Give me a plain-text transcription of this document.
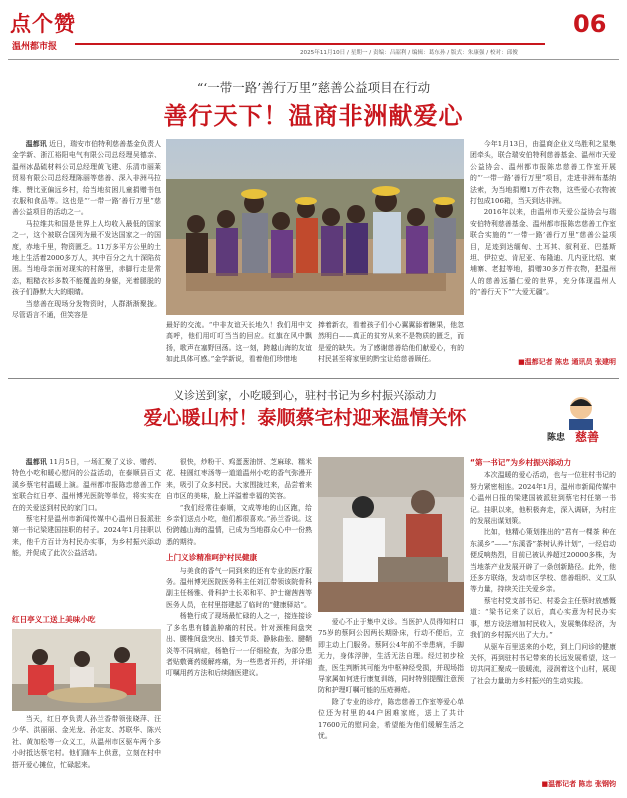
点个赞
温州都市报
2025年11月10日 / 星期一 / 责编：吕韶利 / 编辑：葛东孙 / 版式：朱康强 / 校对：邱俊
06
“‘一带一路’善行万里”慈善公益项目在行动
善行天下！温商非洲献爱心

温都讯 近日，瑞安市伯特利慈善基金负责人金学新、浙江裕阳电气有限公司总经理吴德亲、温州冰晶硫材料公司总经理黄飞建、乐清市丽莱贸易有限公司总经理陈丽等慈善、深入非洲马拉维、赞比亚偏远乡村，给当地贫困儿童捐赠书包衣服和食品等。这也是“‘一带一路’善行万里”慈善公益项目的活动之一。

马拉维共和国是世界上人均收入最低的国家之一，这个被联合国列为最不发达国家之一的国度，赤地千里，物资匮乏。11万多平方公里的土地上生活着2000多万人，其中百分之九十深陷贫困。当地母亲面对现实的村落里，赤脚行走是常态，粗糙衣衫多数不能覆盖的身躯，光着腿脱的孩子们静默大大的眼睛。

当慈善在现场分发物资时，人群渐渐聚拢。尽管语言不通，但笑容是

最好的交流。“中非友谊天长地久！我们用中文高呼，他们用叮叮当当的回应。红旗在风中飘扬，歌声在塞野回荡。这一刻，跨越山海的友谊如此具体可感。”金学新说，看着他们珍惜地
捧着新衣，看着孩子们小心翼翼舔着糖果，他忽然明白——真正的贫穷从来不是物质的匮乏，而是爱的缺失。为了感谢慈善给他们献爱心，有的村民甚至将家里的黔宝让给慈善顾任。

今年1月13日，由温商企业义乌胜利之星集团牵头，联合瑞安伯特利慈善基金、温州市天爱公益协会、温州都市报陈忠慈善工作室开展的“‘一带一路’善行万里”项目，走进非洲布基纳法索，为当地捐赠1万件衣物，这些爱心衣物被打包成106箱，当天到达非洲。

2016年以来，由温州市天爱公益协会与瑞安伯特利慈善基金、温州都市报陈忠慈善工作室联合实施的“‘一带一路’善行万里”慈善公益项目，足迹到达缅甸、土耳其、叙利亚、巴基斯坦、伊拉克、肯尼亚、布隆迪、几内亚比绍、柬埔寨、老挝等地，捐赠30多万件衣物，把温州人的慈善远播仁爱的世界，充分体现温州人的“善行天下”“大爱无疆”。

■温都记者 陈忠 通讯员 张建明
义诊送到家，小吃暖到心，驻村书记为乡村振兴添动力
爱心暖山村！泰顺蔡宅村迎来温情关怀
陈忠 慈善

温都讯 11月5日，一场汇聚了义诊、赠药、特色小吃和暖心慰问的公益活动，在泰顺县百丈溪乡蔡宅村温暖上演。温州都市报陈忠慈善工作室联合红日亭、温州博光医院等单位，将实实在在的关爱送到村民的家门口。

蔡宅村是温州市新闻传媒中心温州日报派驻第一书记梁建国挂职的村子。2024年1月挂职以来，他千方百计为村民办实事，为乡村振兴添动能，并促成了此次公益活动。

红日亭义工送上美味小吃
当天，红日亭负责人孙兰香带领张晓萍、汪少华、洪丽丽、金光龙、孙定友、苏联华、陈兴社、黄加松等一众义工，从温州市区驱车两个多小时抵达蔡宅村。他们随车上供意，立刻在村中搭开爱心摊位，忙碌起来。

很快，炒粉干、鸡蛋葱油饼、芝麻球、糯米花、桂圆红枣汤等一道道温州小吃的香气弥漫开来，吸引了众多村民。大家围拢过来，品尝着来自市区的美味，脸上洋溢着幸福的笑容。

“我们经常往泰顺，文成等地的山区跑，给乡亲们送点小吃，他们都很喜欢。”孙兰香说。这份跨越山海的温情，已成为当地群众心中一份熟悉的期待。

上门义诊精准呵护村民健康

与美食的香气一同到来的还有专业的医疗服务。温州博光医院医务科主任刘江带领该院骨科副主任杨雅、骨科护士长邓和平、护士谢茜茜等医务人员，在村里搭建起了临时的“健康驿站”。

杨艳行成了现场最忙碌的人之一，接连接诊了多名患有膝盖肿痛的村民。针对颈椎间盘突出、腰椎间盘突出、膝关节炎、静脉曲张、腱鞘炎等不同病症，杨艳行一一仔细检查，为部分患者贴敷膏药缓解疼痛，为一些患者开药，并详细叮嘱用药方法和后续随医建议。

爱心不止于集中义诊。当医护人员得知村口75岁的蔡阿公因两长期卧床，行动不便后，立即主动上门服务。蔡阿公4年前不幸患病，手脚无力，身体浮肿，生活无法自理。经过初步检查，医生判断其可能为中枢神经受损，并现场指导家属如何进行康复训练，同时特别提醒注意预防和护理叮嘱可能的压疮褥疮。

除了专业的诊疗，陈忠慈善工作室等爱心单位还为村里的44户困难家庭，送上了共计17600元的慰问金，希望能为他们缓解生活之忧。

“第一书记”为乡村振兴添动力

本次温暖的爱心活动，也与一位驻村书记的努力紧密相连。2024年1月，温州市新闻传媒中心温州日报的梁建国被派驻到蔡宅村任第一书记。挂职以来，他积极奔走，深入调研，为村庄的发展出谋划策。

比如，他精心策划推出的“君有一棵茶 种在东溪乡”——“东溪香”茶树认养计划”，一经启动便反响热烈，目前已被认养超过20000多株，为当地茶产业发展开辟了一条创新路径。此外，他还多方联络，发动市区学校、慈善组织、义工队等力量，持续关注关爱乡亲。

蔡宅村党支部书记、村委会主任蔡时放感慨道：“梁书记来了以后，真心实意为村民办实事，想方设法增加村民收入，发展集体经济，为我们的乡村振兴出了大力。”

从驱车百里送来的小吃，到上门问诊的健康关怀，再到驻村书记带来的长远发展希望，这一切共同汇聚成一股暖流，浸润着这个山村，展现了社会力量助力乡村振兴的生动实践。

■温都记者 陈忠 张钢钧
